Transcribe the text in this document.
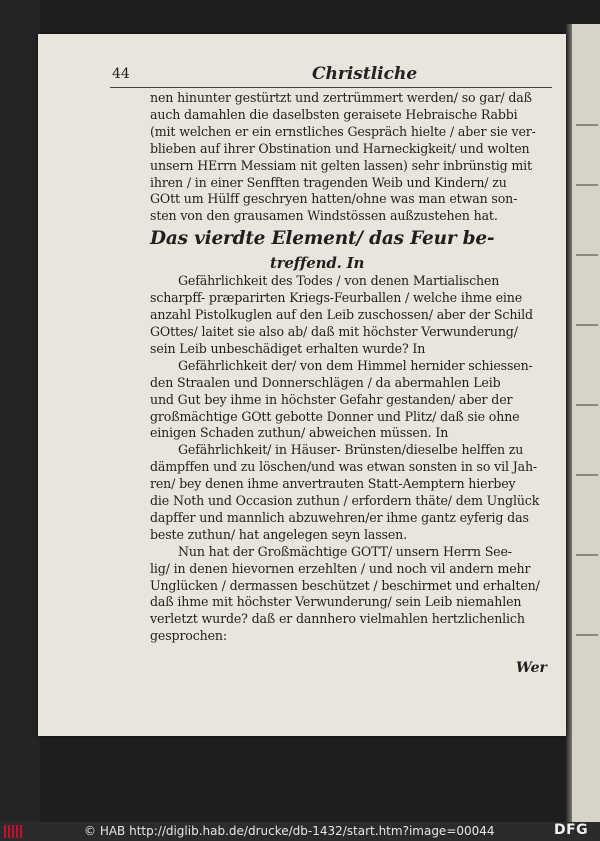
44	Christliche
nen hinunter gestürtzt und zertrümmert werden/ so gar/ daß
auch damahlen die daselbsten geraisete Hebraische Rabbi
(mit welchen er ein ernstliches Gespräch hielte / aber sie ver-
blieben auf ihrer Obstination und Harneckigkeit/ und wolten
unsern HErrn Messiam nit gelten lassen) sehr inbrünstig mit
ihren / in einer Senfften tragenden Weib und Kindern/ zu
GOtt um Hülff geschryen hatten/ohne was man etwan son-
sten von den grausamen Windstössen außzustehen hat.
Das vierdte Element/ das Feur be-
treffend. In
Gefährlichkeit des Todes / von denen Martialischen
scharpff- præparirten Kriegs-Feurballen / welche ihme eine
anzahl Pistolkuglen auf den Leib zuschossen/ aber der Schild
GOttes/ laitet sie also ab/ daß mit höchster Verwunderung/
sein Leib unbeschädiget erhalten wurde? In
Gefährlichkeit der/ von dem Himmel hernider schiessen-
den Straalen und Donnerschlägen / da abermahlen Leib
und Gut bey ihme in höchster Gefahr gestanden/ aber der
großmächtige GOtt gebotte Donner und Plitz/ daß sie ohne
einigen Schaden zuthun/ abweichen müssen. In
Gefährlichkeit/ in Häuser- Brünsten/dieselbe helffen zu
dämpffen und zu löschen/und was etwan sonsten in so vil Jah-
ren/ bey denen ihme anvertrauten Statt-Aemptern hierbey
die Noth und Occasion zuthun / erfordern thäte/ dem Unglück
dapffer und mannlich abzuwehren/er ihme gantz eyferig das
beste zuthun/ hat angelegen seyn lassen.
Nun hat der Großmächtige GOTT/ unsern Herrn See-
lig/ in denen hievornen erzehlten / und noch vil andern mehr
Unglücken / dermassen beschützet / beschirmet und erhalten/
daß ihme mit höchster Verwunderung/ sein Leib niemahlen
verletzt wurde? daß er dannhero vielmahlen hertzlichenlich
gesprochen:
Wer
© HAB http://diglib.hab.de/drucke/db-1432/start.htm?image=00044	DFG
